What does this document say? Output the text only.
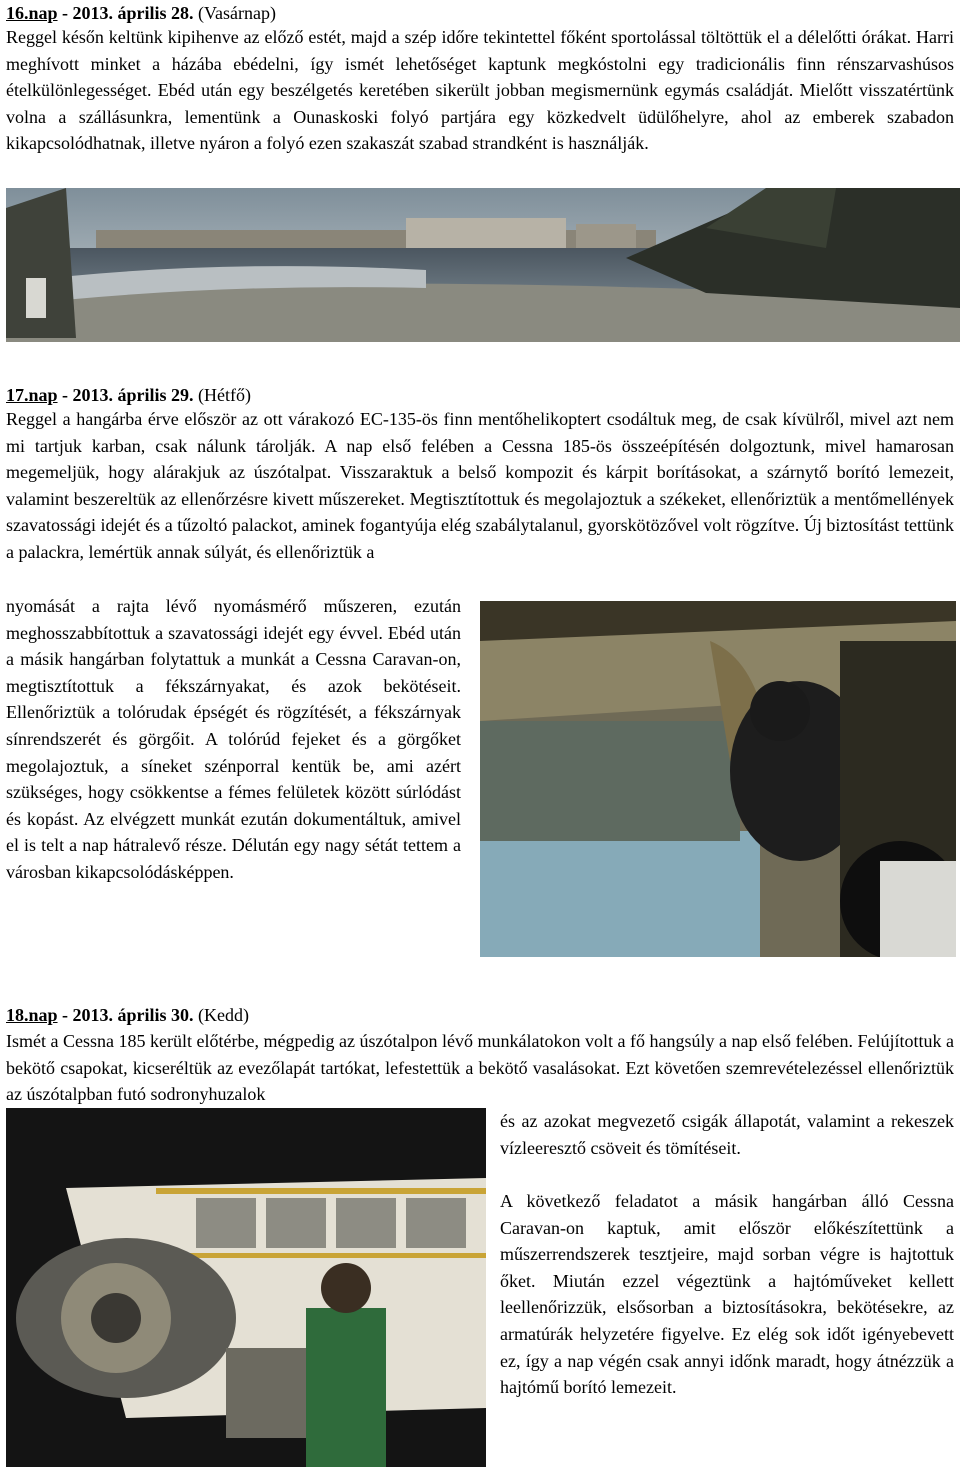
16.nap - 2013. április 28. (Vasárnap)

Reggel későn keltünk kipihenve az előző estét, majd a szép időre tekintettel főként sportolással töltöttük el a délelőtti órákat. Harri meghívott minket a házába ebédelni, így ismét lehetőséget kaptunk megkóstolni egy tradicionális finn rénszarvashúsos ételkülönlegességet. Ebéd után egy beszélgetés keretében sikerült jobban megismernünk egymás családját. Mielőtt visszatértünk volna a szállásunkra, lementünk a Ounaskoski folyó partjára egy közkedvelt üdülőhelyre, ahol az emberek szabadon kikapcsolódhatnak, illetve nyáron a folyó ezen szakaszát szabad strandként is használják.

17.nap - 2013. április 29. (Hétfő)

Reggel a hangárba érve először az ott várakozó EC-135-ös finn mentőhelikoptert csodáltuk meg, de csak kívülről, mivel azt nem mi tartjuk karban, csak nálunk tárolják. A nap első felében a Cessna 185-ös összeépítésén dolgoztunk, mivel hamarosan megemeljük, hogy alárakjuk az úszótalpat. Visszaraktuk a belső kompozit és kárpit borításokat, a szárnytő borító lemezeit, valamint beszereltük az ellenőrzésre kivett műszereket. Megtisztítottuk és megolajoztuk a székeket, ellenőriztük a mentőmellények szavatossági idejét és a tűzoltó palackot, aminek fogantyúja elég szabálytalanul, gyorskötözővel volt rögzítve. Új biztosítást tettünk a palackra, lemértük annak súlyát, és ellenőriztük a

nyomását a rajta lévő nyomásmérő műszeren, ezután meghosszabbítottuk a szavatossági idejét egy évvel. Ebéd után a másik hangárban folytattuk a munkát a Cessna Caravan-on, megtisztítottuk a fékszárnyakat, és azok bekötéseit. Ellenőriztük a tolórudak épségét és rögzítését, a fékszárnyak sínrendszerét és görgőit. A tolórúd fejeket és a görgőket megolajoztuk, a síneket szénporral kentük be, ami azért szükséges, hogy csökkentse a fémes felületek között súrlódást és kopást. Az elvégzett munkát ezután dokumentáltuk, amivel el is telt a nap hátralevő része. Délután egy nagy sétát tettem a városban kikapcsolódásképpen.

18.nap - 2013. április 30. (Kedd)

Ismét a Cessna 185 került előtérbe, mégpedig az úszótalpon lévő munkálatokon volt a fő hangsúly a nap első felében. Felújítottuk a bekötő csapokat, kicseréltük az evezőlapát tartókat, lefestettük a bekötő vasalásokat. Ezt követően szemrevételezéssel ellenőriztük az úszótalpban futó sodronyhuzalok

és az azokat megvezető csigák állapotát, valamint a rekeszek vízleeresztő csöveit és tömítéseit.

A következő feladatot a másik hangárban álló Cessna Caravan-on kaptuk, amit először előkészítettünk a műszerrendszerek tesztjeire, majd sorban végre is hajtottuk őket. Miután ezzel végeztünk a hajtóműveket kellett leellenőrizzük, elsősorban a biztosításokra, bekötésekre, az armatúrák helyzetére figyelve. Ez elég sok időt igényebevett ez, így a nap végén csak annyi időnk maradt, hogy átnézzük a hajtómű borító lemezeit.
